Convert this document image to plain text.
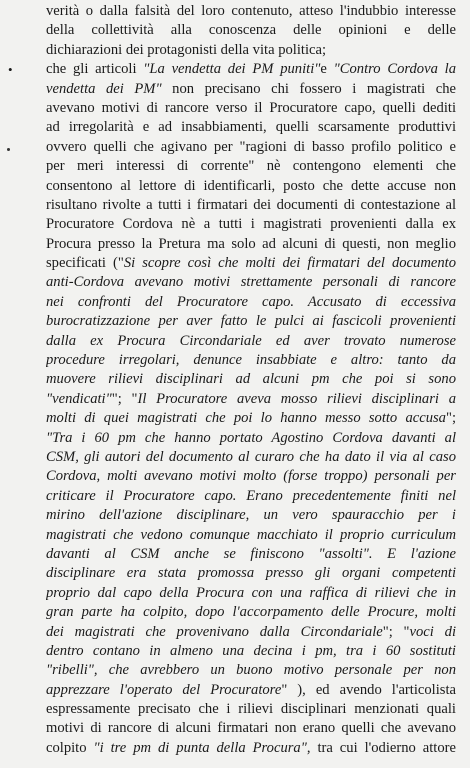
verità o dalla falsità del loro contenuto, atteso l'indubbio interesse
della collettività alla conoscenza delle opinioni e delle
dichiarazioni dei protagonisti della vita politica;
• che gli articoli "La vendetta dei PM puniti"e "Contro Cordova la
vendetta dei PM" non precisano chi fossero i magistrati che
avevano motivi di rancore verso il Procuratore capo, quelli dediti
ad irregolarità e ad insabbiamenti, quelli scarsamente produttivi
ovvero quelli che agivano per "ragioni di basso profilo politico e
per meri interessi di corrente" nè contengono elementi che
consentono al lettore di identificarli, posto che dette accuse non
risultano rivolte a tutti i firmatari dei documenti di contestazione al
Procuratore Cordova nè a tutti i magistrati provenienti dalla ex
Procura presso la Pretura ma solo ad alcuni di questi, non meglio
specificati ("Si scopre così che molti dei firmatari del documento
anti-Cordova avevano motivi strettamente personali di rancore
nei confronti del Procuratore capo. Accusato di eccessiva
burocratizzazione per aver fatto le pulci ai fascicoli provenienti
dalla ex Procura Circondariale ed aver trovato numerose
procedure irregolari, denunce insabbiate e altro: tanto da
muovere rilievi disciplinari ad alcuni pm che poi si sono
"vendicati""; "Il Procuratore aveva mosso rilievi disciplinari a
molti di quei magistrati che poi lo hanno messo sotto accusa";
"Tra i 60 pm che hanno portato Agostino Cordova davanti al
CSM, gli autori del documento al curaro che ha dato il via al caso
Cordova, molti avevano motivi molto (forse troppo) personali per
criticare il Procuratore capo. Erano precedentemente finiti nel
mirino dell'azione disciplinare, un vero spauracchio per i
magistrati che vedono comunque macchiato il proprio curriculum
davanti al CSM anche se finiscono "assolti". E l'azione
disciplinare era stata promossa presso gli organi competenti
proprio dal capo della Procura con una raffica di rilievi che in
gran parte ha colpito, dopo l'accorpamento delle Procure, molti
dei magistrati che provenivano dalla Circondariale"; "voci di
dentro contano in almeno una decina i pm, tra i 60 sostituti
"ribelli", che avrebbero un buono motivo personale per non
apprezzare l'operato del Procuratore" ), ed avendo l'articolista
espressamente precisato che i rilievi disciplinari menzionati quali
motivi di rancore di alcuni firmatari non erano quelli che avevano
colpito "i tre pm di punta della Procura", tra cui l'odierno attore
